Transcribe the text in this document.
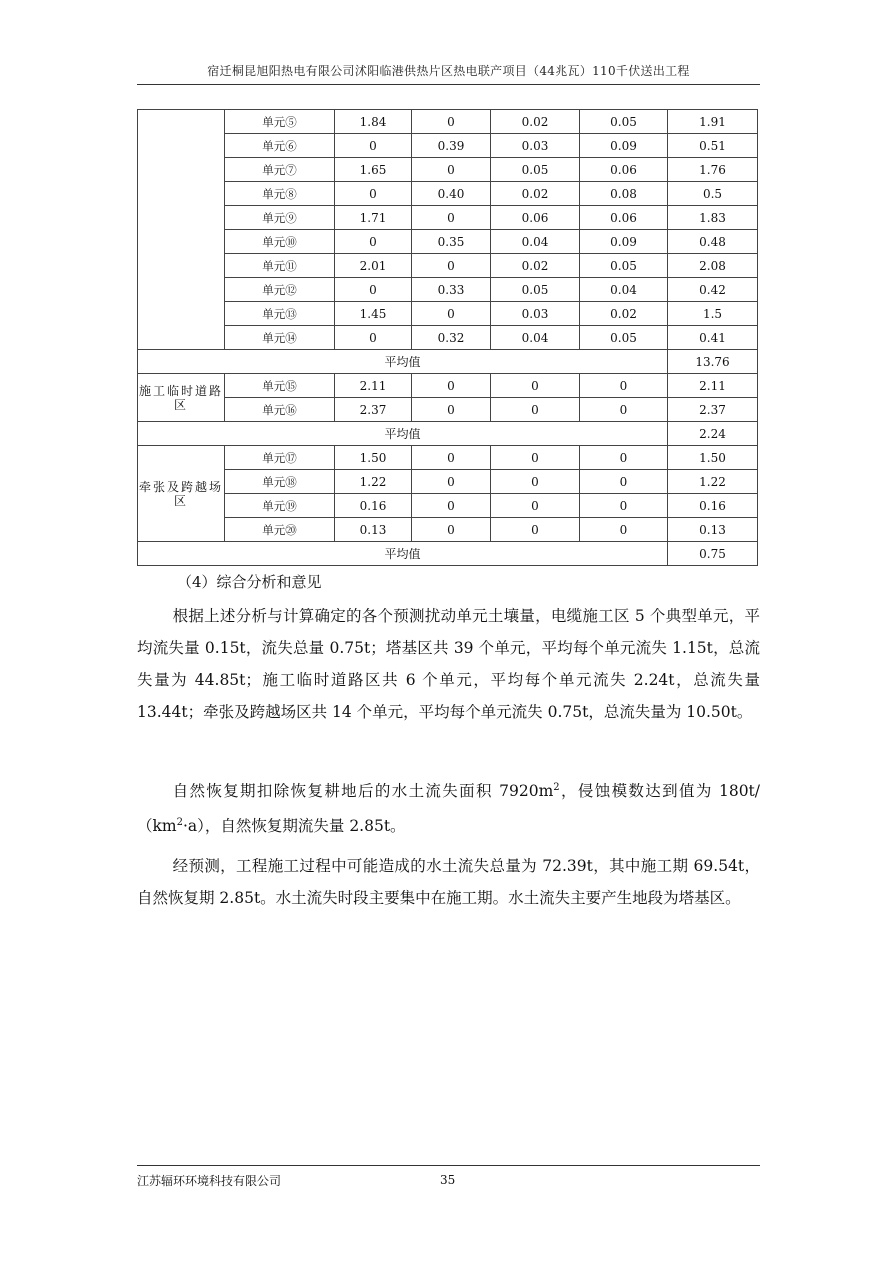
宿迁桐昆旭阳热电有限公司沭阳临港供热片区热电联产项目（44兆瓦）110千伏送出工程
	单元⑤	1.84	0	0.02	0.05	1.91
	单元⑥	0	0.39	0.03	0.09	0.51
	单元⑦	1.65	0	0.05	0.06	1.76
	单元⑧	0	0.40	0.02	0.08	0.5
	单元⑨	1.71	0	0.06	0.06	1.83
	单元⑩	0	0.35	0.04	0.09	0.48
	单元⑪	2.01	0	0.02	0.05	2.08
	单元⑫	0	0.33	0.05	0.04	0.42
	单元⑬	1.45	0	0.03	0.02	1.5
	单元⑭	0	0.32	0.04	0.05	0.41
平均值						13.76
施工临时道路区	单元⑮	2.11	0	0	0	2.11
	单元⑯	2.37	0	0	0	2.37
平均值						2.24
牵张及跨越场区	单元⑰	1.50	0	0	0	1.50
	单元⑱	1.22	0	0	0	1.22
	单元⑲	0.16	0	0	0	0.16
	单元⑳	0.13	0	0	0	0.13
平均值						0.75
（4）综合分析和意见

根据上述分析与计算确定的各个预测扰动单元土壤量，电缆施工区 5 个典型单元，平均流失量 0.15t，流失总量 0.75t；塔基区共 39 个单元，平均每个单元流失 1.15t，总流失量为 44.85t；施工临时道路区共 6 个单元，平均每个单元流失 2.24t，总流失量 13.44t；牵张及跨越场区共 14 个单元，平均每个单元流失 0.75t，总流失量为 10.50t。

自然恢复期扣除恢复耕地后的水土流失面积 $7920m^2$，侵蚀模数达到值为 $180t/(km^2\cdot a)$，自然恢复期流失量 2.85t。

经预测，工程施工过程中可能造成的水土流失总量为 72.39t，其中施工期 69.54t，自然恢复期 2.85t。水土流失时段主要集中在施工期。水土流失主要产生地段为塔基区。

江苏辐环环境科技有限公司	35
